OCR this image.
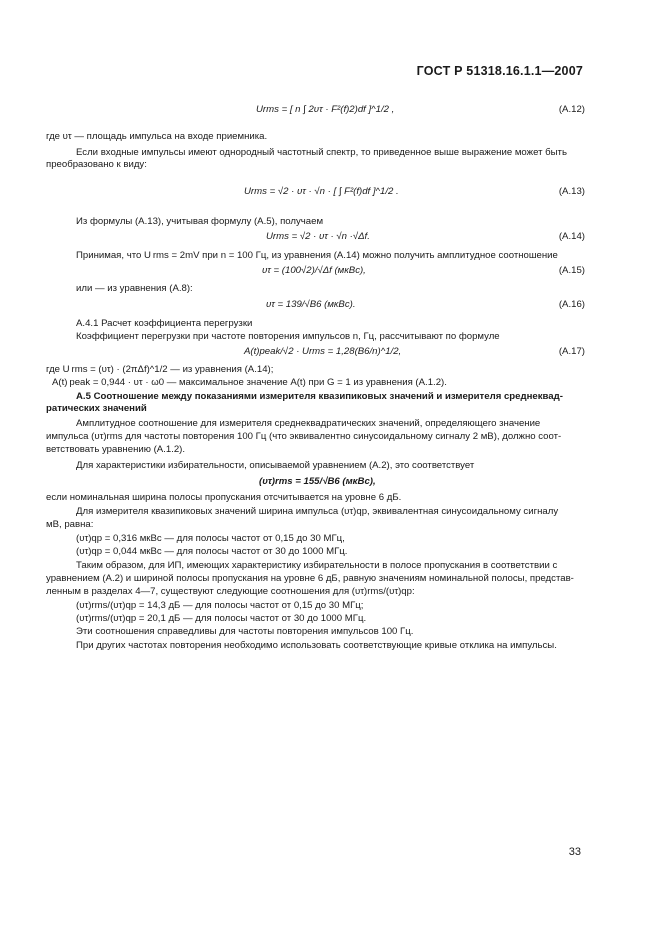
ГОСТ Р 51318.16.1.1—2007
Urms = [ n ∫ 2υτ · F²(f)2)df ]^1/2 ,	(А.12)
где υτ — площадь импульса на входе приемника.
Если входные импульсы имеют однородный частотный спектр, то приведенное выше выражение может быть
преобразовано к виду:
Urms = √2 · υτ · √n · [ ∫ F²(f)df ]^1/2 .	(А.13)
Из формулы (А.13), учитывая формулу (А.5), получаем
Urms = √2 · υτ · √n ·√Δf.	(А.14)
Принимая, что U rms = 2mV при n = 100 Гц, из уравнения (А.14) можно получить амплитудное соотношение
υτ = (100√2)/√Δf (мкВс),	(А.15)
или — из уравнения (А.8):
υτ = 139/√B6 (мкВс).	(А.16)
А.4.1 Расчет коэффициента перегрузки
Коэффициент перегрузки при частоте повторения импульсов n, Гц, рассчитывают по формуле
A(t)peak/√2 · Urms = 1,28(B6/n)^1/2,	(А.17)
где U rms = (υτ) · (2πΔf)^1/2 — из уравнения (А.14);
A(t) peak = 0,944 · υτ · ω0 — максимальное значение A(t) при G = 1 из уравнения (А.1.2).
А.5 Соотношение между показаниями измерителя квазипиковых значений и измерителя среднеквад-
ратических значений
Амплитудное соотношение для измерителя среднеквадратических значений, определяющего значение
импульса (υτ)rms для частоты повторения 100 Гц (что эквивалентно синусоидальному сигналу 2 мВ), должно соот-
ветствовать уравнению (А.1.2).
Для характеристики избирательности, описываемой уравнением (А.2), это соответствует
(υτ)rms = 155/√B6 (мкВс),
если номинальная ширина полосы пропускания отсчитывается на уровне 6 дБ.
Для измерителя квазипиковых значений ширина импульса (υτ)qp, эквивалентная синусоидальному сигналу
мВ, равна:
(υτ)qp = 0,316 мкВс — для полосы частот от 0,15 до 30 МГц,
(υτ)qp = 0,044 мкВс — для полосы частот от 30 до 1000 МГц.
Таким образом, для ИП, имеющих характеристику избирательности в полосе пропускания в соответствии с
уравнением (А.2) и шириной полосы пропускания на уровне 6 дБ, равную значениям номинальной полосы, представ-
ленным в разделах 4—7, существуют следующие соотношения для (υτ)rms/(υτ)qp:
(υτ)rms/(υτ)qp = 14,3 дБ — для полосы частот от 0,15 до 30 МГц;
(υτ)rms/(υτ)qp = 20,1 дБ — для полосы частот от 30 до 1000 МГц.
Эти соотношения справедливы для частоты повторения импульсов 100 Гц.
При других частотах повторения необходимо использовать соответствующие кривые отклика на импульсы.
33
